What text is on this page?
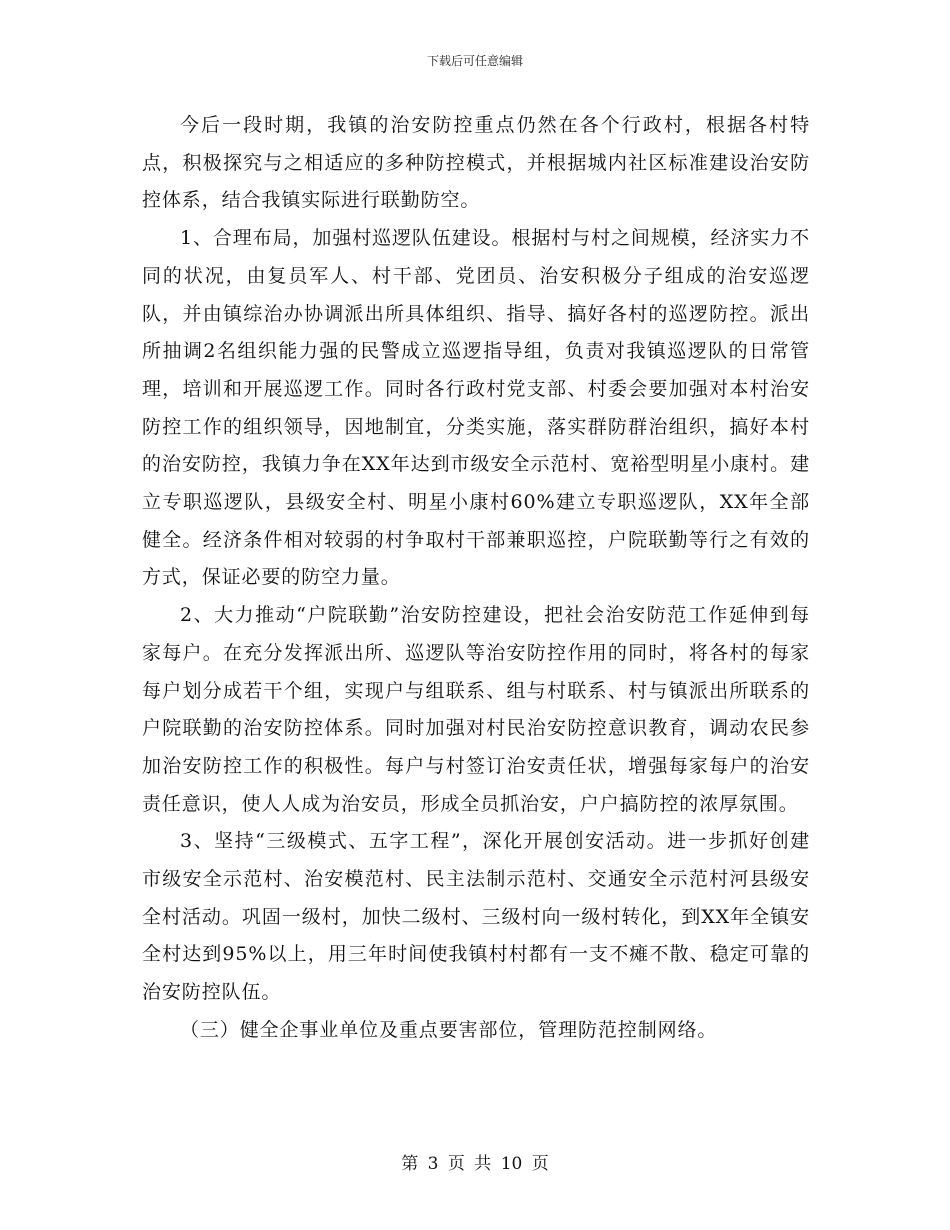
下载后可任意编辑

今后一段时期，我镇的治安防控重点仍然在各个行政村，根据各村特点，积极探究与之相适应的多种防控模式，并根据城内社区标准建设治安防控体系，结合我镇实际进行联勤防空。

1、合理布局，加强村巡逻队伍建设。根据村与村之间规模，经济实力不同的状况，由复员军人、村干部、党团员、治安积极分子组成的治安巡逻队，并由镇综治办协调派出所具体组织、指导、搞好各村的巡逻防控。派出所抽调2名组织能力强的民警成立巡逻指导组，负责对我镇巡逻队的日常管理，培训和开展巡逻工作。同时各行政村党支部、村委会要加强对本村治安防控工作的组织领导，因地制宜，分类实施，落实群防群治组织，搞好本村的治安防控，我镇力争在XX年达到市级安全示范村、宽裕型明星小康村。建立专职巡逻队，县级安全村、明星小康村60%建立专职巡逻队，XX年全部健全。经济条件相对较弱的村争取村干部兼职巡控，户院联勤等行之有效的方式，保证必要的防空力量。

2、大力推动“户院联勤”治安防控建设，把社会治安防范工作延伸到每家每户。在充分发挥派出所、巡逻队等治安防控作用的同时，将各村的每家每户划分成若干个组，实现户与组联系、组与村联系、村与镇派出所联系的户院联勤的治安防控体系。同时加强对村民治安防控意识教育，调动农民参加治安防控工作的积极性。每户与村签订治安责任状，增强每家每户的治安责任意识，使人人成为治安员，形成全员抓治安，户户搞防控的浓厚氛围。

3、坚持“三级模式、五字工程”，深化开展创安活动。进一步抓好创建市级安全示范村、治安模范村、民主法制示范村、交通安全示范村河县级安全村活动。巩固一级村，加快二级村、三级村向一级村转化，到XX年全镇安全村达到95%以上，用三年时间使我镇村村都有一支不瘫不散、稳定可靠的治安防控队伍。

（三）健全企事业单位及重点要害部位，管理防范控制网络。

第 3 页 共 10 页
